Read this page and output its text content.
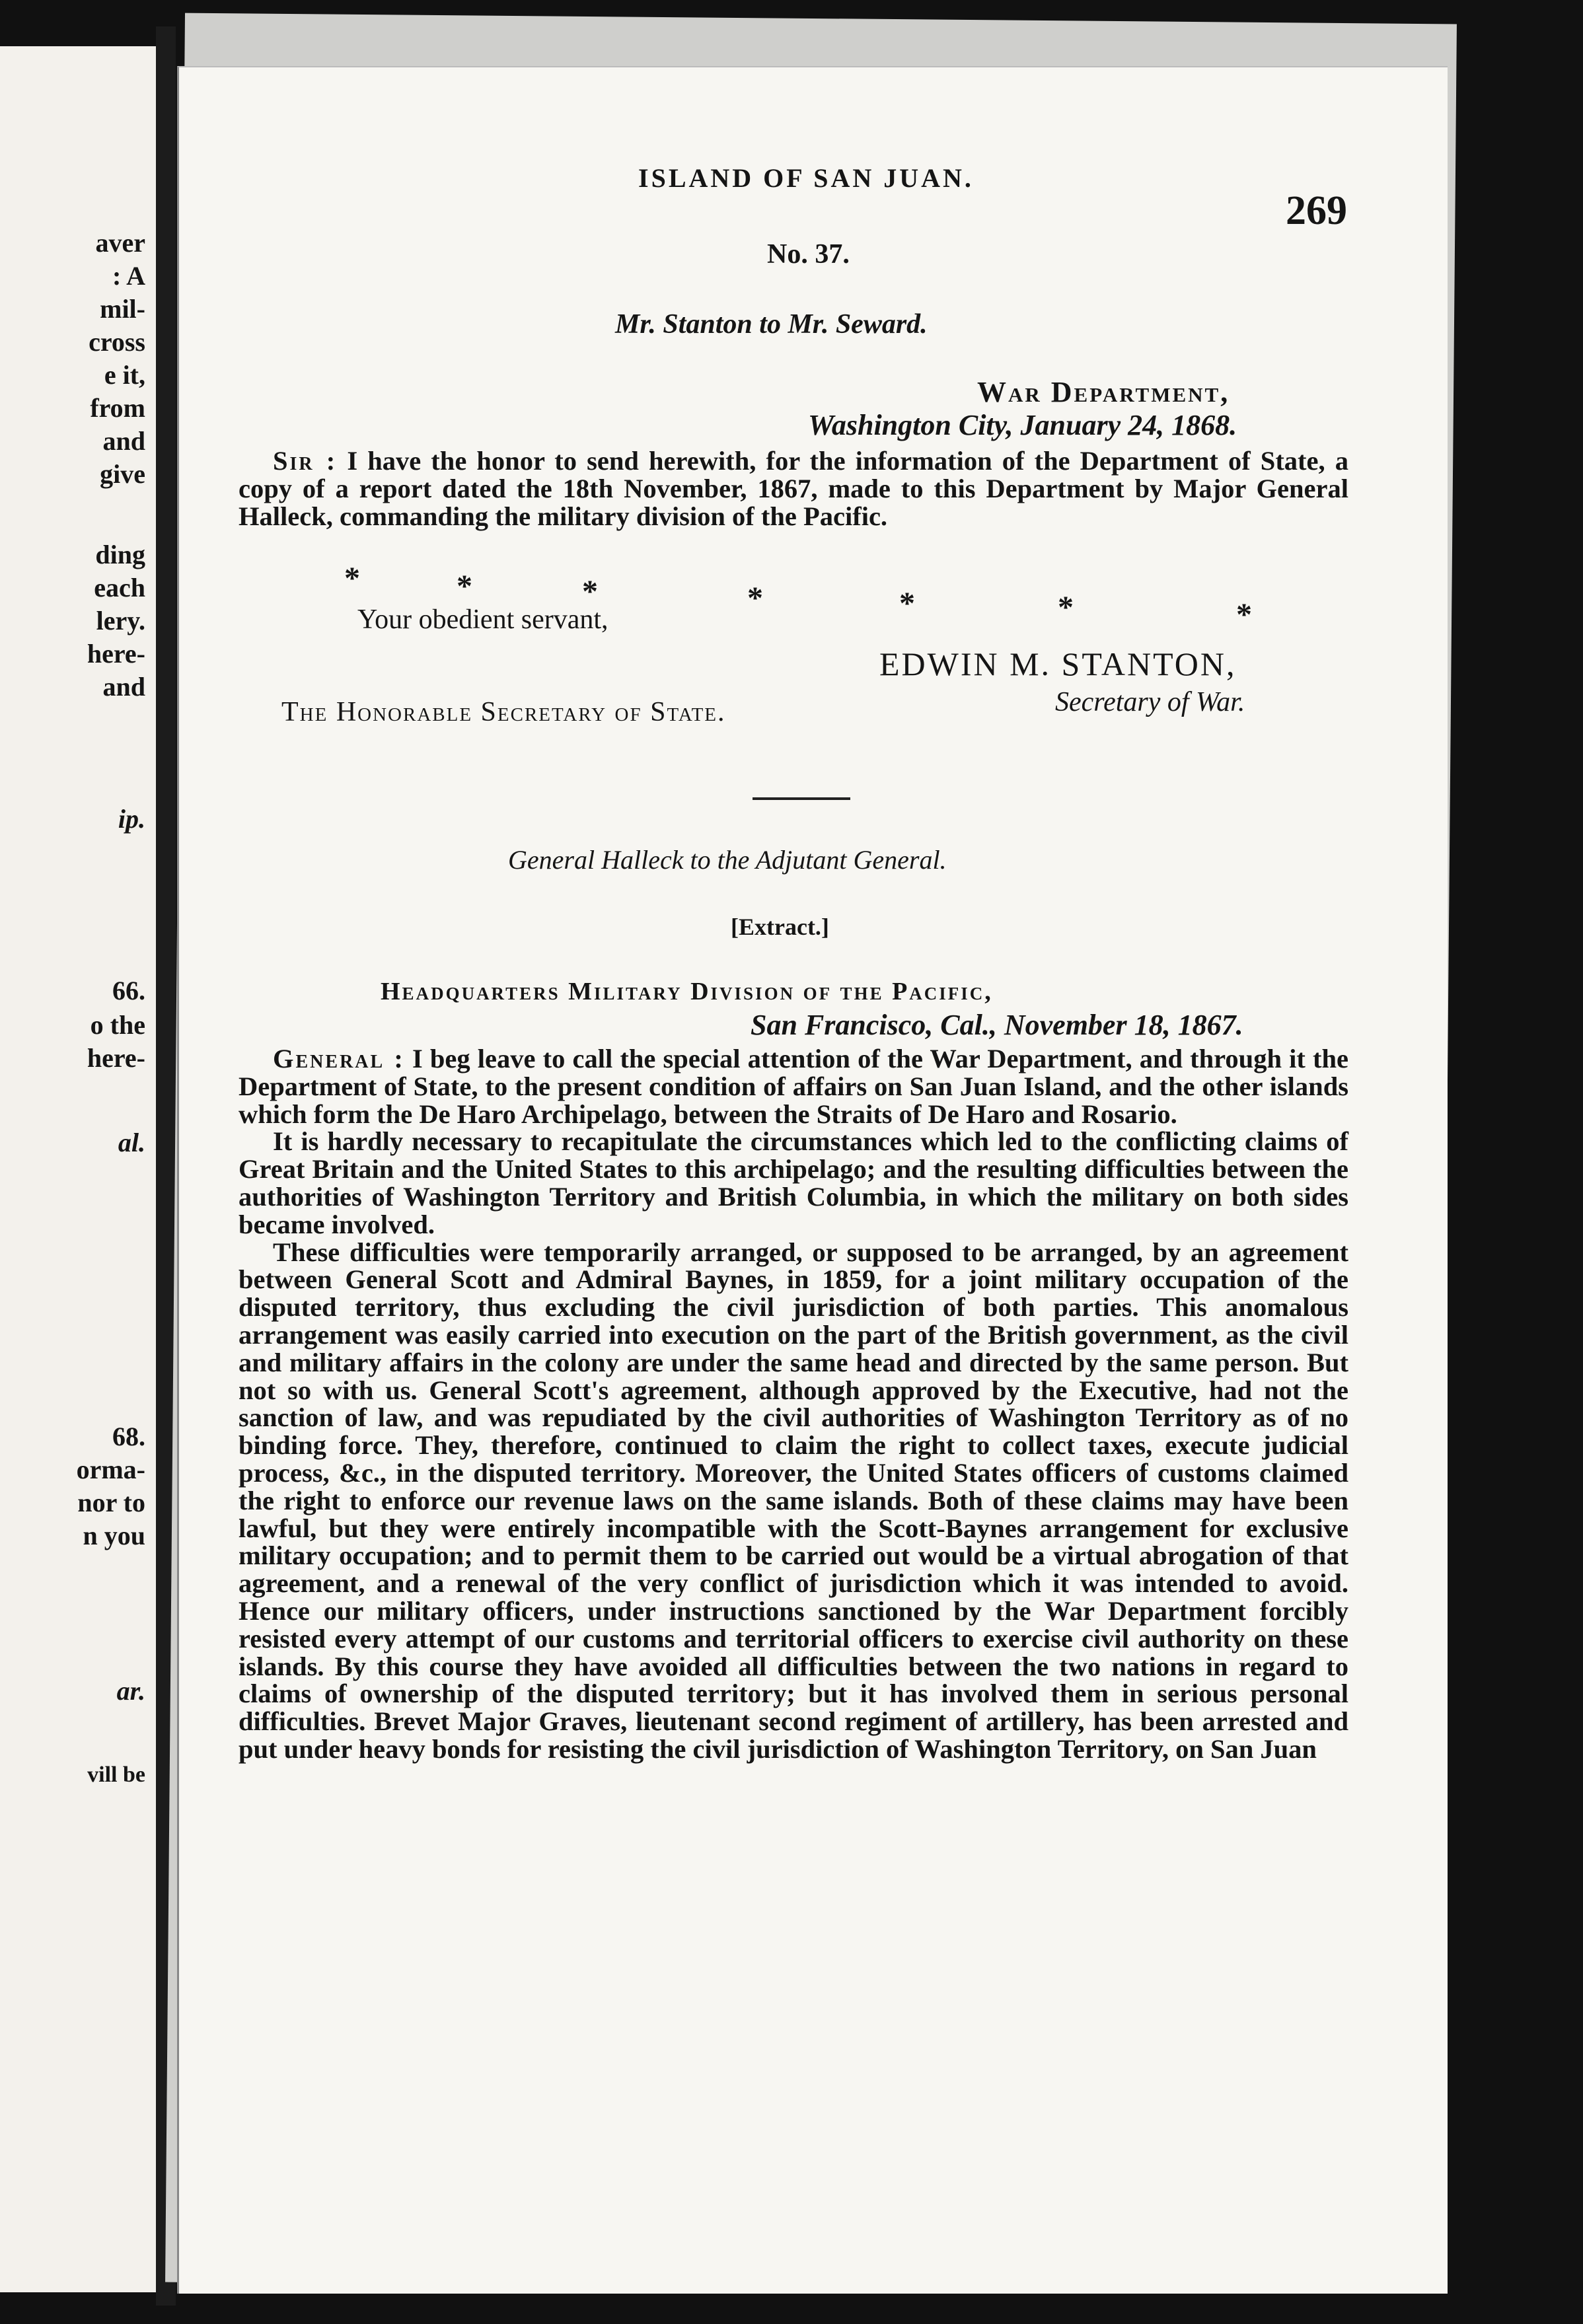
aver
: A
mil-
cross
e it,
from
and
give
ding
each
lery.
here-
and
ip.
66.
o the
here-
al.
68.
orma-
nor to
n you
ar.
vill be
ISLAND OF SAN JUAN.
269
No. 37.
Mr. Stanton to Mr. Seward.
War Department,
Washington City, January 24, 1868.

Sir : I have the honor to send herewith, for the information of the Department of State, a copy of a report dated the 18th November, 1867, made to this Department by Major General Halleck, commanding the military division of the Pacific.

*	*	*	*	*	*	*
Your obedient servant,
EDWIN M. STANTON,
Secretary of War.
The Honorable Secretary of State.
General Halleck to the Adjutant General.
[Extract.]
Headquarters Military Division of the Pacific,
San Francisco, Cal., November 18, 1867.

General : I beg leave to call the special attention of the War Department, and through it the Department of State, to the present condition of affairs on San Juan Island, and the other islands which form the De Haro Archipelago, between the Straits of De Haro and Rosario.

It is hardly necessary to recapitulate the circumstances which led to the conflicting claims of Great Britain and the United States to this archipelago; and the resulting difficulties between the authorities of Washington Territory and British Columbia, in which the military on both sides became involved.

These difficulties were temporarily arranged, or supposed to be arranged, by an agreement between General Scott and Admiral Baynes, in 1859, for a joint military occupation of the disputed territory, thus excluding the civil jurisdiction of both parties. This anomalous arrangement was easily carried into execution on the part of the British government, as the civil and military affairs in the colony are under the same head and directed by the same person. But not so with us. General Scott's agreement, although approved by the Executive, had not the sanction of law, and was repudiated by the civil authorities of Washington Territory as of no binding force. They, therefore, continued to claim the right to collect taxes, execute judicial process, &c., in the disputed territory. Moreover, the United States officers of customs claimed the right to enforce our revenue laws on the same islands. Both of these claims may have been lawful, but they were entirely incompatible with the Scott-Baynes arrangement for exclusive military occupation; and to permit them to be carried out would be a virtual abrogation of that agreement, and a renewal of the very conflict of jurisdiction which it was intended to avoid. Hence our military officers, under instructions sanctioned by the War Department forcibly resisted every attempt of our customs and territorial officers to exercise civil authority on these islands. By this course they have avoided all difficulties between the two nations in regard to claims of ownership of the disputed territory; but it has involved them in serious personal difficulties. Brevet Major Graves, lieutenant second regiment of artillery, has been arrested and put under heavy bonds for resisting the civil jurisdiction of Washington Territory, on San Juan
